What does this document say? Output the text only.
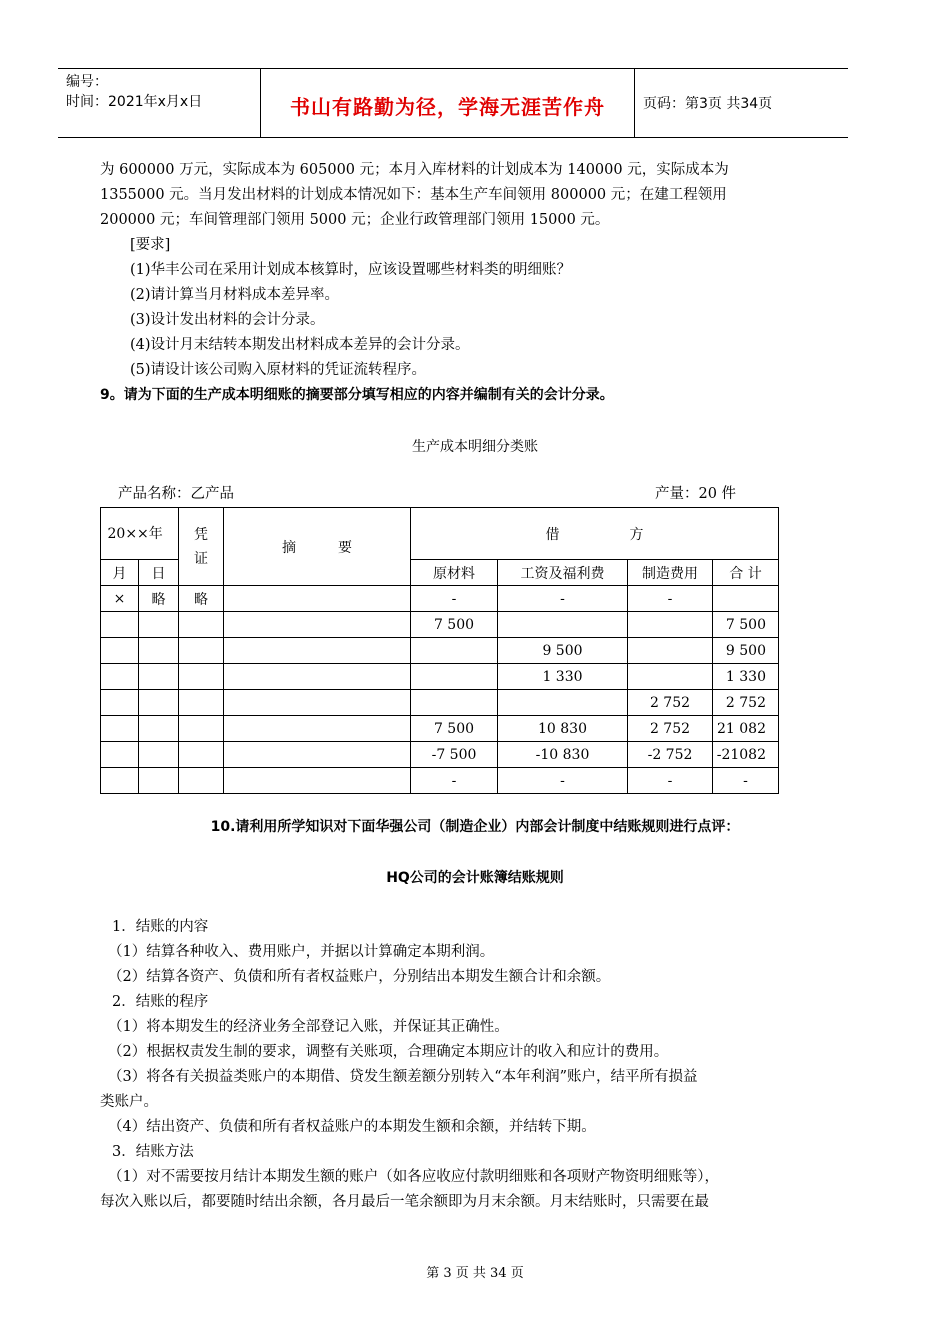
编号：
时间：2021年x月x日	书山有路勤为径，学海无涯苦作舟	页码：第3页 共34页
为 600000 万元，实际成本为 605000 元；本月入库材料的计划成本为 140000 元，实际成本为
1355000 元。当月发出材料的计划成本情况如下：基本生产车间领用 800000 元；在建工程领用
200000 元；车间管理部门领用 5000 元；企业行政管理部门领用 15000 元。
[要求]
(1)华丰公司在采用计划成本核算时，应该设置哪些材料类的明细账？
(2)请计算当月材料成本差异率。
(3)设计发出材料的会计分录。
(4)设计月末结转本期发出材料成本差异的会计分录。
(5)请设计该公司购入原材料的凭证流转程序。
9。请为下面的生产成本明细账的摘要部分填写相应的内容并编制有关的会计分录。
生产成本明细分类账
产品名称：乙产品	产量：20 件
20××年		凭证	摘　　　要	借　　　　　方			
月	日			原材料	工资及福利费	制造费用	合 计
×	略	略		-	-	-	
				7 500			7 500
					9 500		9 500
					1 330		1 330
						2 752	2 752
				7 500	10 830	2 752	21 082
				-7 500	-10 830	-2 752	-21082
				-	-	-	-
10.请利用所学知识对下面华强公司（制造企业）内部会计制度中结账规则进行点评：
HQ公司的会计账簿结账规则
1．结账的内容
（1）结算各种收入、费用账户，并据以计算确定本期利润。
（2）结算各资产、负债和所有者权益账户，分别结出本期发生额合计和余额。
2．结账的程序
（1）将本期发生的经济业务全部登记入账，并保证其正确性。
（2）根据权责发生制的要求，调整有关账项，合理确定本期应计的收入和应计的费用。
（3）将各有关损益类账户的本期借、贷发生额差额分别转入“本年利润”账户，结平所有损益
类账户。
（4）结出资产、负债和所有者权益账户的本期发生额和余额，并结转下期。
3．结账方法
（1）对不需要按月结计本期发生额的账户（如各应收应付款明细账和各项财产物资明细账等），
每次入账以后，都要随时结出余额，各月最后一笔余额即为月末余额。月末结账时，只需要在最
第 3 页 共 34 页
